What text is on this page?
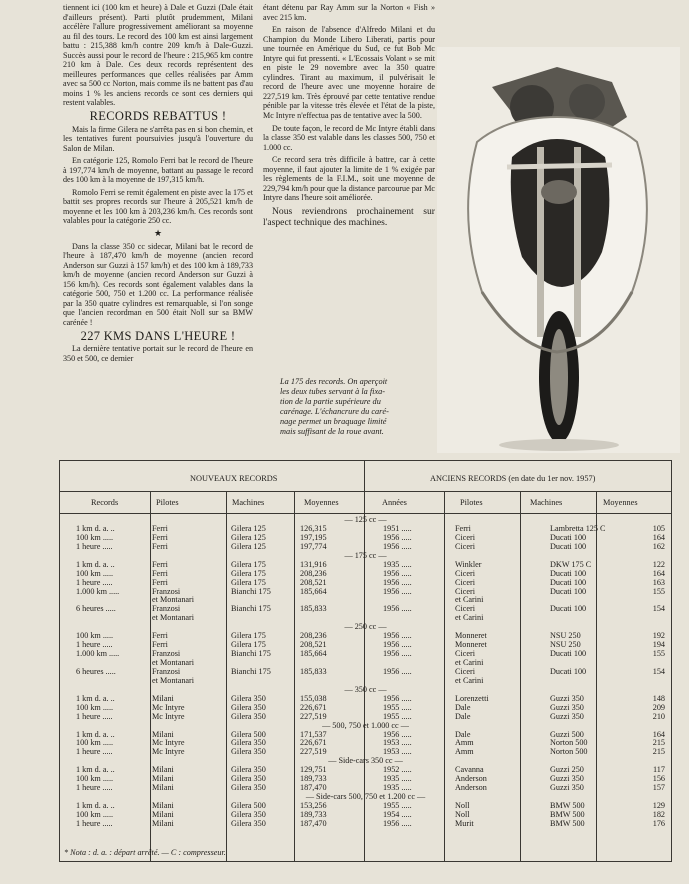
tiennent ici (100 km et heure) à Dale et Guzzi (Dale était d'ailleurs présent). Parti plutôt prudemment, Milani accélère l'allure progressivement améliorant sa moyenne au fil des tours. Le record des 100 km est ainsi largement battu : 215,388 km/h contre 209 km/h à Dale-Guzzi. Succès aussi pour le record de l'heure : 215,965 km contre 210 km à Dale. Ces deux records représentent des meilleures performances que celles réalisées par Amm avec sa 500 cc Norton, mais comme ils ne battent pas d'au moins 1 % les anciens records ce sont ces derniers qui restent valables.

RECORDS REBATTUS !

Mais la firme Gilera ne s'arrêta pas en si bon chemin, et les tentatives furent poursuivies jusqu'à l'ouverture du Salon de Milan.

En catégorie 125, Romolo Ferri bat le record de l'heure à 197,774 km/h de moyenne, battant au passage le record des 100 km à la moyenne de 197,315 km/h.

Romolo Ferri se remit également en piste avec la 175 et battit ses propres records sur l'heure à 205,521 km/h de moyenne et les 100 km à 203,236 km/h. Ces records sont valables pour la catégorie 250 cc.

★

Dans la classe 350 cc sidecar, Milani bat le record de l'heure à 187,470 km/h de moyenne (ancien record Anderson sur Guzzi à 157 km/h) et des 100 km à 189,733 km/h de moyenne (ancien record Anderson sur Guzzi à 156 km/h). Ces records sont également valables dans la catégorie 500, 750 et 1.200 cc. La performance réalisée par la 350 quatre cylindres est remarquable, si l'on songe que l'ancien recordman en 500 était Noll sur sa BMW carénée !

227 KMS DANS L'HEURE !

La dernière tentative portait sur le record de l'heure en 350 et 500, ce dernier

étant détenu par Ray Amm sur la Norton « Fish » avec 215 km.

En raison de l'absence d'Alfredo Milani et du Champion du Monde Libero Liberati, partis pour une tournée en Amérique du Sud, ce fut Bob Mc Intyre qui fut pressenti. « L'Ecossais Volant » se mit en piste le 29 novembre avec la 350 quatre cylindres. Tirant au maximum, il pulvérisait le record de l'heure avec une moyenne horaire de 227,519 km. Très éprouvé par cette tentative rendue pénible par la vitesse très élevée et l'état de la piste, Mc Intyre n'effectua pas de tentative avec la 500.

De toute façon, le record de Mc Intyre établi dans la classe 350 est valable dans les classes 500, 750 et 1.000 cc.

Ce record sera très difficile à battre, car à cette moyenne, il faut ajouter la limite de 1 % exigée par les règlements de la F.I.M., soit une moyenne de 229,794 km/h pour que la distance parcourue par Mc Intyre dans l'heure soit améliorée.

Nous reviendrons prochainement sur l'aspect technique des machines.

La 175 des records. On aperçoit
les deux tubes servant à la fixa-
tion de la partie supérieure du
carénage. L'échancrure du caré-
nage permet un braquage limité
mais suffisant de la roue avant.
NOUVEAUX RECORDS	ANCIENS RECORDS (en date du 1er nov. 1957)
Records	Pilotes	Machines	Moyennes	Années	Pilotes	Machines	Moyennes
— 125 cc —
1 km d. a. ..	Ferri	Gilera 125	126,315	1951 .....	Ferri	Lambretta 125 C	105
100 km .....	Ferri	Gilera 125	197,195	1956 .....	Ciceri	Ducati 100	164
1 heure .....	Ferri	Gilera 125	197,774	1956 .....	Ciceri	Ducati 100	162
— 175 cc —
1 km d. a. ..	Ferri	Gilera 175	131,916	1935 .....	Winkler	DKW 175 C	122
100 km .....	Ferri	Gilera 175	208,236	1956 .....	Ciceri	Ducati 100	164
1 heure .....	Ferri	Gilera 175	208,521	1956 .....	Ciceri	Ducati 100	163
1.000 km .....	Franzosi	Bianchi 175	185,664	1956 .....	Ciceri	Ducati 100	155
et Montanari	et Carini
6 heures .....	Franzosi	Bianchi 175	185,833	1956 .....	Ciceri	Ducati 100	154
et Montanari	et Carini
— 250 cc —
100 km .....	Ferri	Gilera 175	208,236	1956 .....	Monneret	NSU 250	192
1 heure .....	Ferri	Gilera 175	208,521	1956 .....	Monneret	NSU 250	194
1.000 km .....	Franzosi	Bianchi 175	185,664	1956 .....	Ciceri	Ducati 100	155
et Montanari	et Carini
6 heures .....	Franzosi	Bianchi 175	185,833	1956 .....	Ciceri	Ducati 100	154
et Montanari	et Carini
— 350 cc —
1 km d. a. ..	Milani	Gilera 350	155,038	1956 .....	Lorenzetti	Guzzi 350	148
100 km .....	Mc Intyre	Gilera 350	226,671	1955 .....	Dale	Guzzi 350	209
1 heure .....	Mc Intyre	Gilera 350	227,519	1955 .....	Dale	Guzzi 350	210
— 500, 750 et 1.000 cc —
1 km d. a. ..	Milani	Gilera 500	171,537	1956 .....	Dale	Guzzi 500	164
100 km .....	Mc Intyre	Gilera 350	226,671	1953 .....	Amm	Norton 500	215
1 heure .....	Mc Intyre	Gilera 350	227,519	1953 .....	Amm	Norton 500	215
— Side-cars 350 cc —
1 km d. a. ..	Milani	Gilera 350	129,751	1952 .....	Cavanna	Guzzi 250	117
100 km .....	Milani	Gilera 350	189,733	1935 .....	Anderson	Guzzi 350	156
1 heure .....	Milani	Gilera 350	187,470	1935 .....	Anderson	Guzzi 350	157
— Side-cars 500, 750 et 1.200 cc —
1 km d. a. ..	Milani	Gilera 500	153,256	1955 .....	Noll	BMW 500	129
100 km .....	Milani	Gilera 350	189,733	1954 .....	Noll	BMW 500	182
1 heure .....	Milani	Gilera 350	187,470	1956 .....	Murit	BMW 500	176
* Nota : d. a. : départ arrêté. — C : compresseur.
